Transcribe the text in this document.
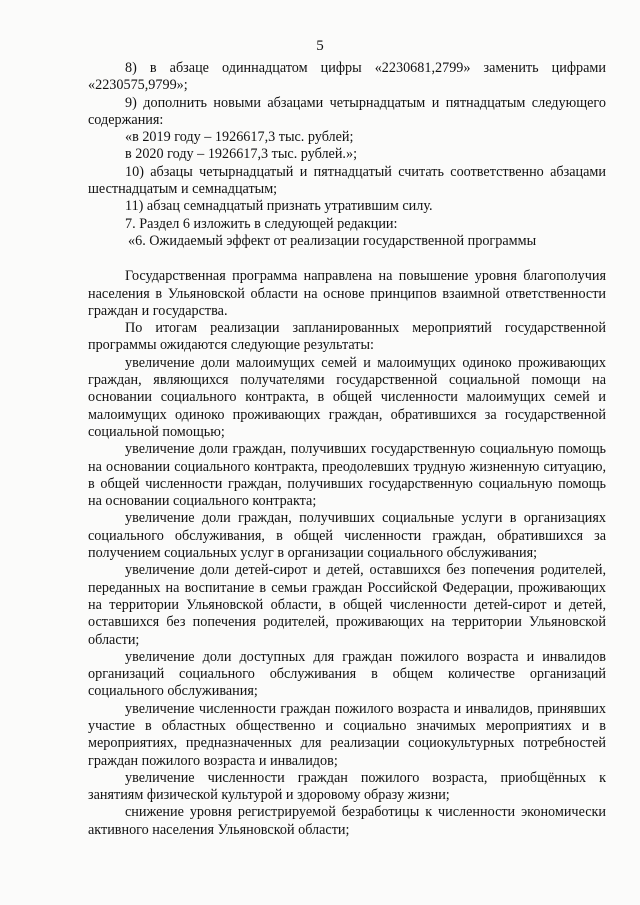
5

8) в абзаце одиннадцатом цифры «2230681,2799» заменить цифрами «2230575,9799»;

9) дополнить новыми абзацами четырнадцатым и пятнадцатым следующего содержания:

«в 2019 году – 1926617,3 тыс. рублей;

в 2020 году – 1926617,3 тыс. рублей.»;

10) абзацы четырнадцатый и пятнадцатый считать соответственно абзацами шестнадцатым и семнадцатым;

11) абзац семнадцатый признать утратившим силу.

7. Раздел 6 изложить в следующей редакции:

«6. Ожидаемый эффект от реализации государственной программы

Государственная программа направлена на повышение уровня благополучия населения в Ульяновской области на основе принципов взаимной ответственности граждан и государства.

По итогам реализации запланированных мероприятий государственной программы ожидаются следующие результаты:

увеличение доли малоимущих семей и малоимущих одиноко проживающих граждан, являющихся получателями государственной социальной помощи на основании социального контракта, в общей численности малоимущих семей и малоимущих одиноко проживающих граждан, обратившихся за государственной социальной помощью;

увеличение доли граждан, получивших государственную социальную помощь на основании социального контракта, преодолевших трудную жизненную ситуацию, в общей численности граждан, получивших государственную социальную помощь на основании социального контракта;

увеличение доли граждан, получивших социальные услуги в организациях социального обслуживания, в общей численности граждан, обратившихся за получением социальных услуг в организации социального обслуживания;

увеличение доли детей-сирот и детей, оставшихся без попечения родителей, переданных на воспитание в семьи граждан Российской Федерации, проживающих на территории Ульяновской области, в общей численности детей-сирот и детей, оставшихся без попечения родителей, проживающих на территории Ульяновской области;

увеличение доли доступных для граждан пожилого возраста и инвалидов организаций социального обслуживания в общем количестве организаций социального обслуживания;

увеличение численности граждан пожилого возраста и инвалидов, принявших участие в областных общественно и социально значимых мероприятиях и в мероприятиях, предназначенных для реализации социокультурных потребностей граждан пожилого возраста и инвалидов;

увеличение численности граждан пожилого возраста, приобщённых к занятиям физической культурой и здоровому образу жизни;

снижение уровня регистрируемой безработицы к численности экономически активного населения Ульяновской области;
